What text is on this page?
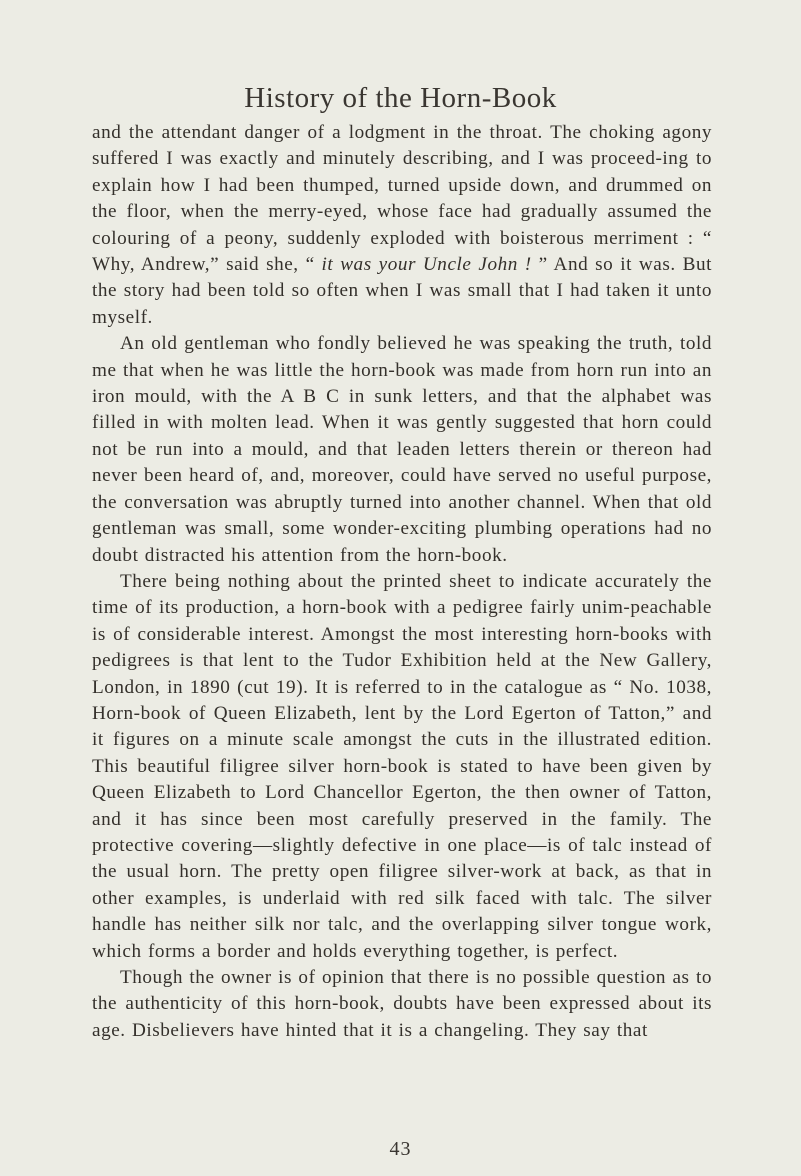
History of the Horn-Book

and the attendant danger of a lodgment in the throat. The choking agony suffered I was exactly and minutely describing, and I was proceed-ing to explain how I had been thumped, turned upside down, and drummed on the floor, when the merry-eyed, whose face had gradually assumed the colouring of a peony, suddenly exploded with boisterous merriment : “ Why, Andrew,” said she, “ it was your Uncle John ! ” And so it was. But the story had been told so often when I was small that I had taken it unto myself.

An old gentleman who fondly believed he was speaking the truth, told me that when he was little the horn-book was made from horn run into an iron mould, with the A B C in sunk letters, and that the alphabet was filled in with molten lead. When it was gently suggested that horn could not be run into a mould, and that leaden letters therein or thereon had never been heard of, and, moreover, could have served no useful purpose, the conversation was abruptly turned into another channel. When that old gentleman was small, some wonder-exciting plumbing operations had no doubt distracted his attention from the horn-book.

There being nothing about the printed sheet to indicate accurately the time of its production, a horn-book with a pedigree fairly unim-peachable is of considerable interest. Amongst the most interesting horn-books with pedigrees is that lent to the Tudor Exhibition held at the New Gallery, London, in 1890 (cut 19). It is referred to in the catalogue as “ No. 1038, Horn-book of Queen Elizabeth, lent by the Lord Egerton of Tatton,” and it figures on a minute scale amongst the cuts in the illustrated edition. This beautiful filigree silver horn-book is stated to have been given by Queen Elizabeth to Lord Chancellor Egerton, the then owner of Tatton, and it has since been most carefully preserved in the family. The protective covering—slightly defective in one place—is of talc instead of the usual horn. The pretty open filigree silver-work at back, as that in other examples, is underlaid with red silk faced with talc. The silver handle has neither silk nor talc, and the overlapping silver tongue work, which forms a border and holds everything together, is perfect.

Though the owner is of opinion that there is no possible question as to the authenticity of this horn-book, doubts have been expressed about its age. Disbelievers have hinted that it is a changeling. They say that

43
